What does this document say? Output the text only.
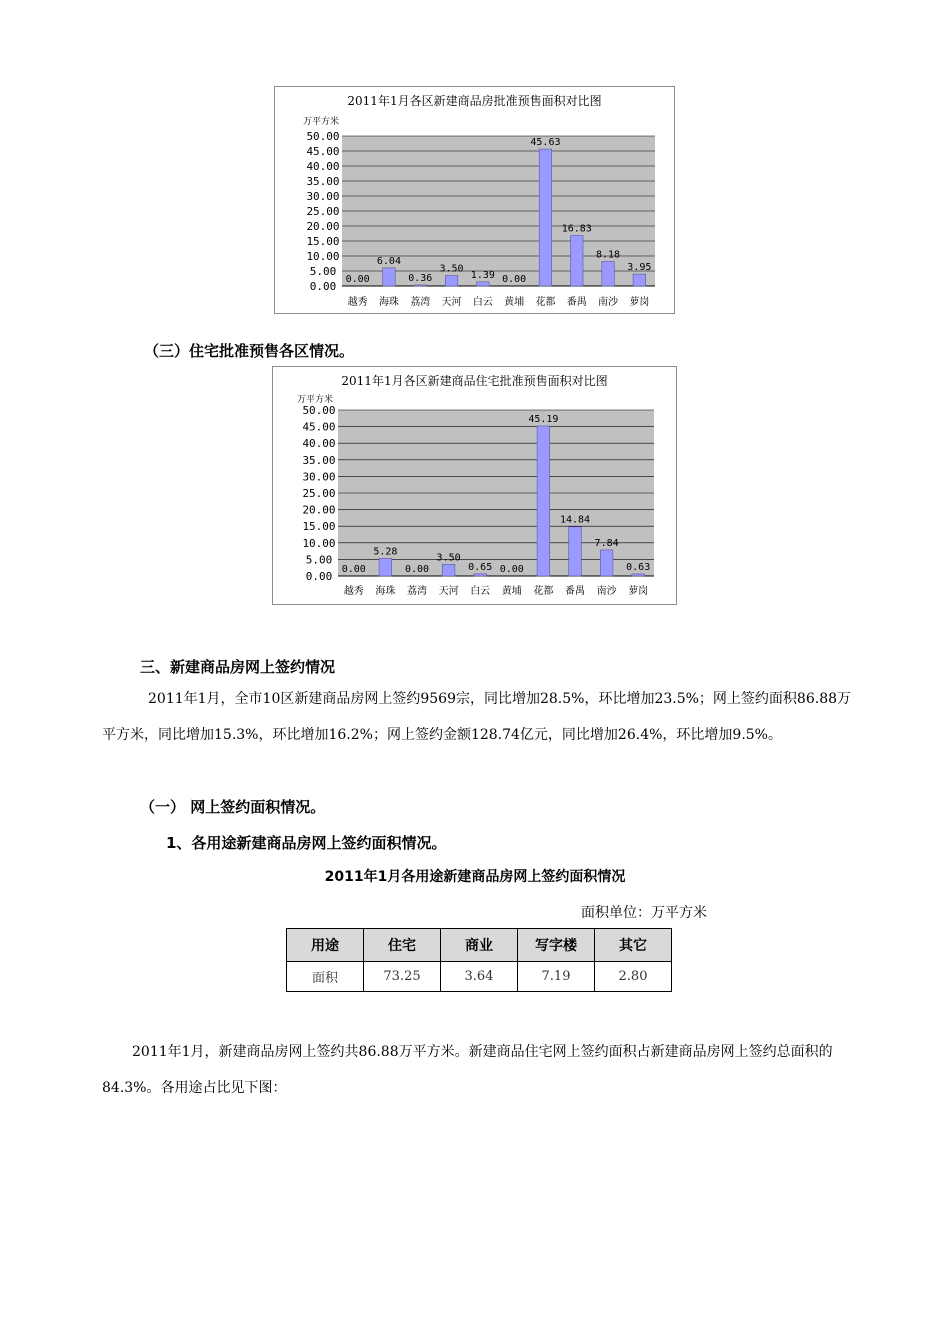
2011年1月各区新建商品房批准预售面积对比图
万平方米
0.00
5.00
10.00
15.00
20.00
25.00
30.00
35.00
40.00
45.00
50.00
0.00
越秀
6.04
海珠
0.36
荔湾
3.50
天河
1.39
白云
0.00
黄埔
45.63
花都
16.83
番禺
8.18
南沙
3.95
萝岗
（三）住宅批准预售各区情况。
2011年1月各区新建商品住宅批准预售面积对比图
万平方米
0.00
5.00
10.00
15.00
20.00
25.00
30.00
35.00
40.00
45.00
50.00
0.00
越秀
5.28
海珠
0.00
荔湾
3.50
天河
0.65
白云
0.00
黄埔
45.19
花都
14.84
番禺
7.84
南沙
0.63
萝岗
三、新建商品房网上签约情况
2011年1月，全市10区新建商品房网上签约9569宗，同比增加28.5%，环比增加23.5%；网上签约面积86.88万平方米，同比增加15.3%，环比增加16.2%；网上签约金额128.74亿元，同比增加26.4%，环比增加9.5%。
（一） 网上签约面积情况。
1、各用途新建商品房网上签约面积情况。
2011年1月各用途新建商品房网上签约面积情况
面积单位：万平方米
用途	住宅	商业	写字楼	其它
面积	73.25	3.64	7.19	2.80
2011年1月，新建商品房网上签约共86.88万平方米。新建商品住宅网上签约面积占新建商品房网上签约总面积的84.3%。各用途占比见下图：
